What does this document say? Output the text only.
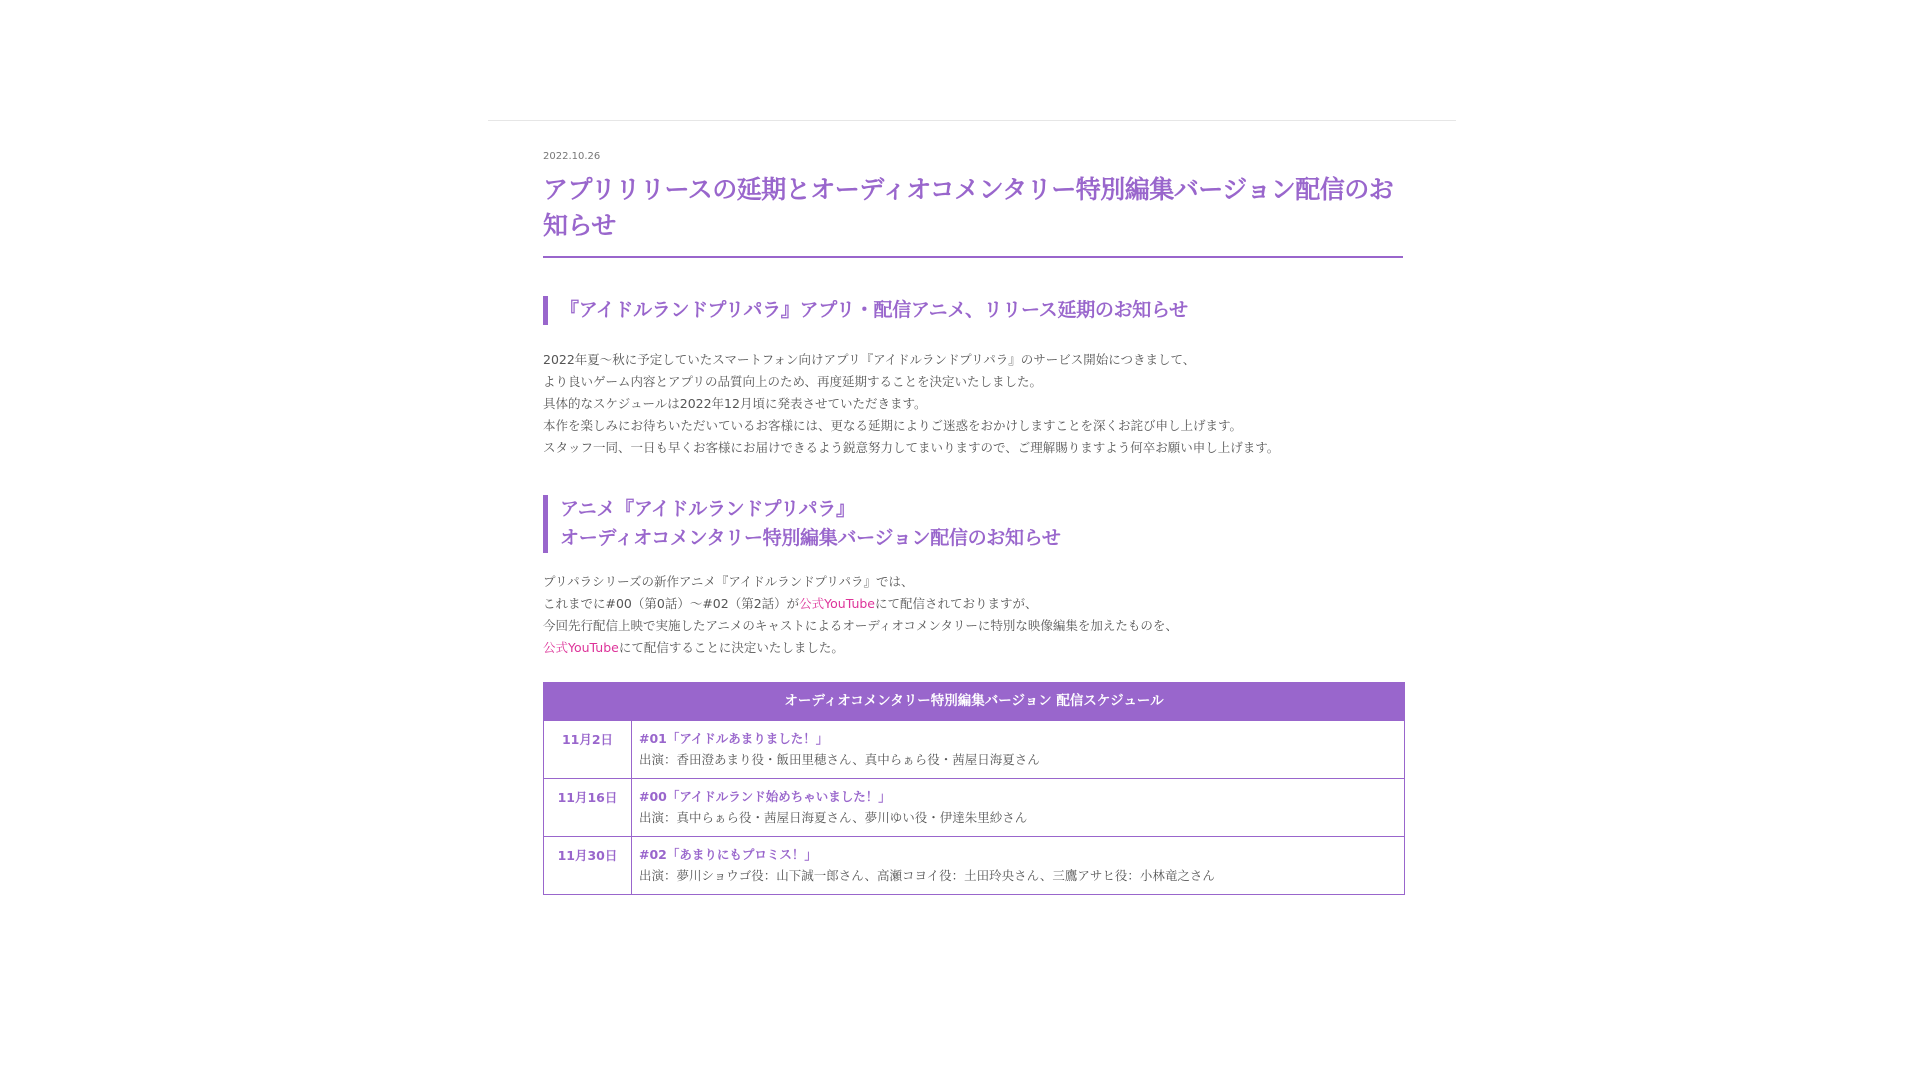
2022.10.26
アプリリリースの延期とオーディオコメンタリー特別編集バージョン配信のお知らせ
『アイドルランドプリパラ』アプリ・配信アニメ、リリース延期のお知らせ
2022年夏〜秋に予定していたスマートフォン向けアプリ『アイドルランドプリパラ』のサービス開始につきまして、
より良いゲーム内容とアプリの品質向上のため、再度延期することを決定いたしました。
具体的なスケジュールは2022年12月頃に発表させていただきます。
本作を楽しみにお待ちいただいているお客様には、更なる延期によりご迷惑をおかけしますことを深くお詫び申し上げます。
スタッフ一同、一日も早くお客様にお届けできるよう鋭意努力してまいりますので、ご理解賜りますよう何卒お願い申し上げます。
アニメ『アイドルランドプリパラ』
オーディオコメンタリー特別編集バージョン配信のお知らせ
プリパラシリーズの新作アニメ『アイドルランドプリパラ』では、
これまでに#00（第0話）〜#02（第2話）が公式YouTubeにて配信されておりますが、
今回先行配信上映で実施したアニメのキャストによるオーディオコメンタリーに特別な映像編集を加えたものを、
公式YouTubeにて配信することに決定いたしました。
オーディオコメンタリー特別編集バージョン 配信スケジュール
11月2日	#01「アイドルあまりました！」
出演：香田澄あまり役・飯田里穂さん、真中らぁら役・茜屋日海夏さん
11月16日	#00「アイドルランド始めちゃいました！」
出演：真中らぁら役・茜屋日海夏さん、夢川ゆい役・伊達朱里紗さん
11月30日	#02「あまりにもプロミス！」
出演：夢川ショウゴ役：山下誠一郎さん、高瀬コヨイ役：土田玲央さん、三鷹アサヒ役：小林竜之さん
